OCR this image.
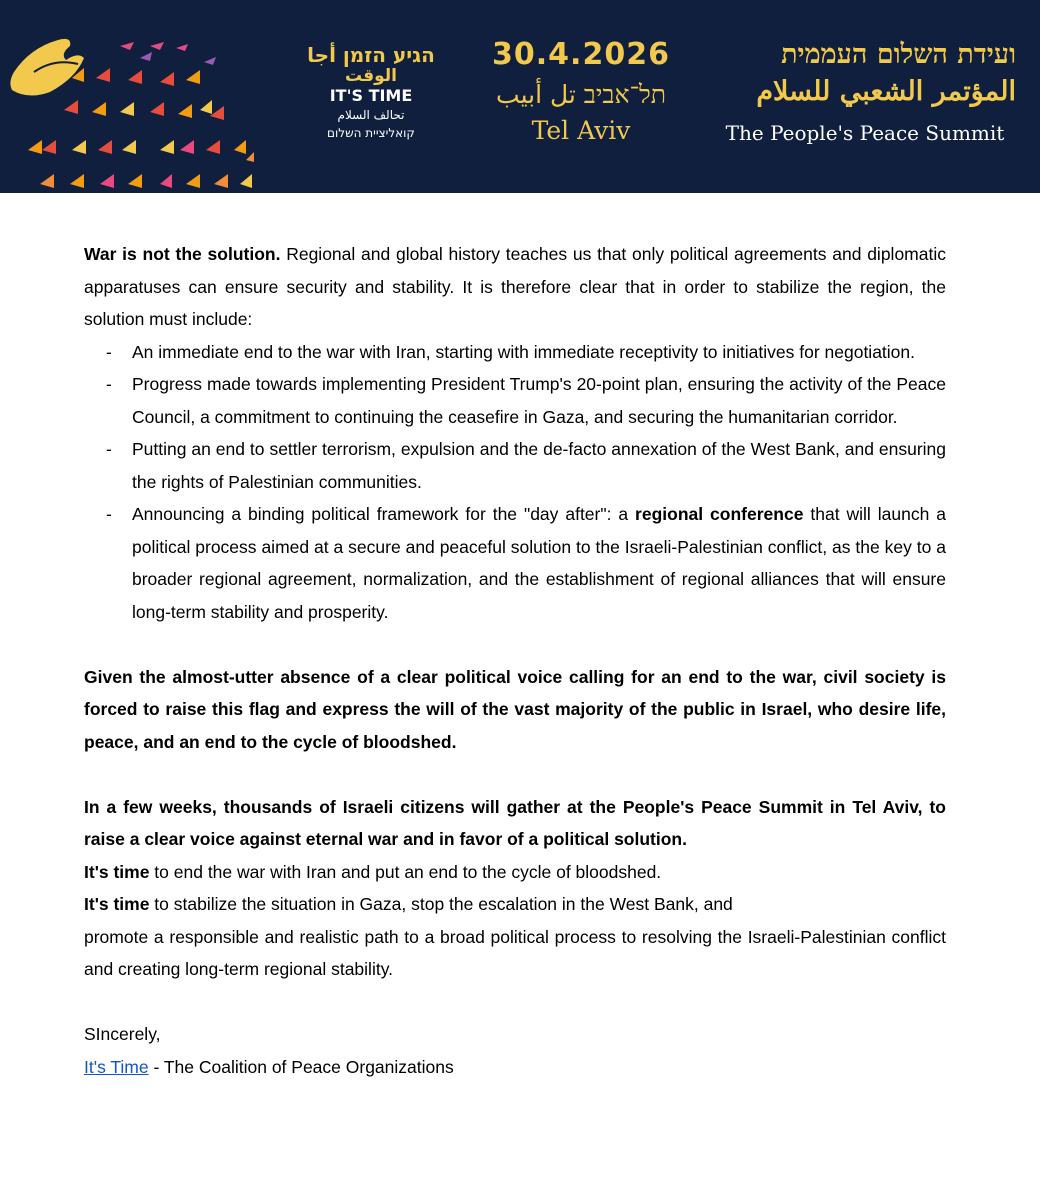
הגיע הזמן أجا
الوقت
IT'S TIME
تحالف السلام
קואליציית השלום
30.4.2026
תל־אביב تل أبيب
Tel Aviv
ועידת השלום העממית
المؤتمر الشعبي للسلام
The People's Peace Summit

War is not the solution. Regional and global history teaches us that only political agreements and diplomatic apparatuses can ensure security and stability. It is therefore clear that in order to stabilize the region, the solution must include:

- An immediate end to the war with Iran, starting with immediate receptivity to initiatives for negotiation.
- Progress made towards implementing President Trump's 20-point plan, ensuring the activity of the Peace Council, a commitment to continuing the ceasefire in Gaza, and securing the humanitarian corridor.
- Putting an end to settler terrorism, expulsion and the de-facto annexation of the West Bank, and ensuring the rights of Palestinian communities.
- Announcing a binding political framework for the "day after": a regional conference that will launch a political process aimed at a secure and peaceful solution to the Israeli-Palestinian conflict, as the key to a broader regional agreement, normalization, and the establishment of regional alliances that will ensure long-term stability and prosperity.

Given the almost-utter absence of a clear political voice calling for an end to the war, civil society is forced to raise this flag and express the will of the vast majority of the public in Israel, who desire life, peace, and an end to the cycle of bloodshed.

In a few weeks, thousands of Israeli citizens will gather at the People's Peace Summit in Tel Aviv, to raise a clear voice against eternal war and in favor of a political solution.

It's time to end the war with Iran and put an end to the cycle of bloodshed.

It's time to stabilize the situation in Gaza, stop the escalation in the West Bank, and

promote a responsible and realistic path to a broad political process to resolving the Israeli-Palestinian conflict and creating long-term regional stability.

SIncerely,

It's Time - The Coalition of Peace Organizations
